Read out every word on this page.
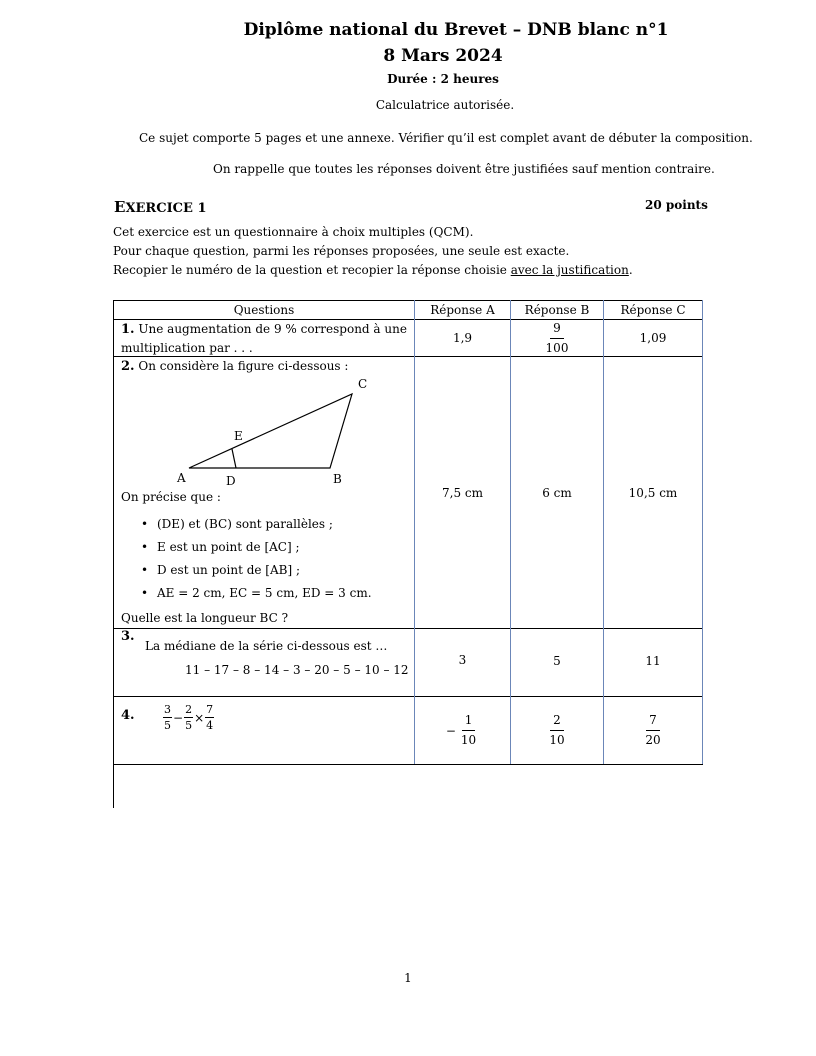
Diplôme national du Brevet – DNB blanc n°1
8 Mars 2024
Durée : 2 heures
Calculatrice autorisée.
Ce sujet comporte 5 pages et une annexe. Vérifier qu’il est complet avant de débuter la composition.
On rappelle que toutes les réponses doivent être justifiées sauf mention contraire.
EXERCICE 1	20 points

Cet exercice est un questionnaire à choix multiples (QCM).

Pour chaque question, parmi les réponses proposées, une seule est exacte.

Recopier le numéro de la question et recopier la réponse choisie avec la justification.

Questions	Réponse A	Réponse B	Réponse C
1. Une augmentation de 9 % correspond à une multiplication par . . .
1,9	$\frac{9}{100}$	1,09
2. On considère la figure ci-dessous :
C
E
A	D	B
On précise que :
• (DE) et (BC) sont parallèles ;
• E est un point de [AC] ;
• D est un point de [AB] ;
• AE = 2 cm, EC = 5 cm, ED = 3 cm.
Quelle est la longueur BC ?
7,5 cm	6 cm	10,5 cm
3.
La médiane de la série ci-dessous est …
11 – 17 – 8 – 14 – 3 – 20 – 5 – 10 – 12
3	5	11
4.	$\frac{3}{5} - \frac{2}{5} \times \frac{7}{4}$	− $\frac{1}{10}$	$\frac{2}{10}$	$\frac{7}{20}$
1
